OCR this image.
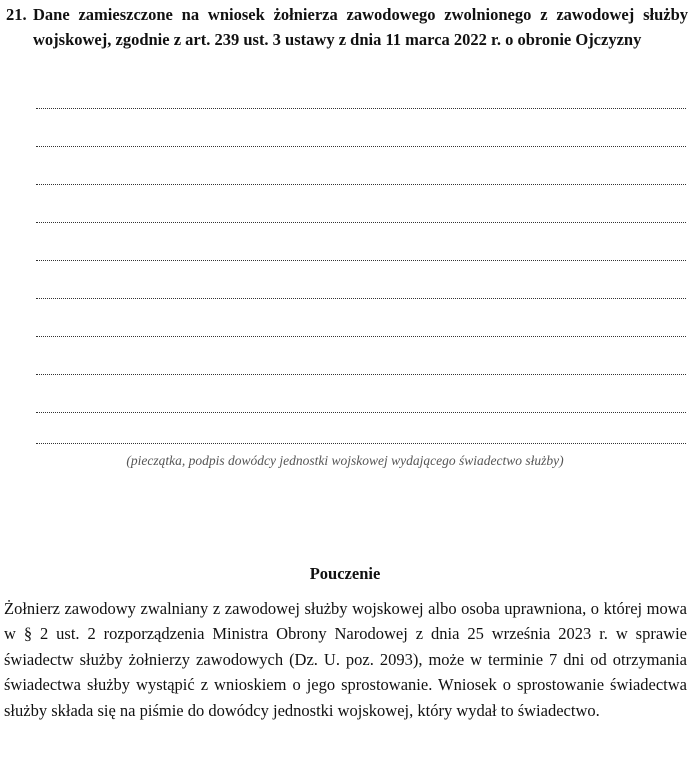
21. Dane zamieszczone na wniosek żołnierza zawodowego zwolnionego z zawodowej służby wojskowej, zgodnie z art. 239 ust. 3 ustawy z dnia 11 marca 2022 r. o obronie Ojczyzny
(pieczątka, podpis dowódcy jednostki wojskowej wydającego świadectwo służby)
Pouczenie
Żołnierz zawodowy zwalniany z zawodowej służby wojskowej albo osoba uprawniona, o której mowa w § 2 ust. 2 rozporządzenia Ministra Obrony Narodowej z dnia 25 września 2023 r. w sprawie świadectw służby żołnierzy zawodowych (Dz. U. poz. 2093), może w terminie 7 dni od otrzymania świadectwa służby wystąpić z wnioskiem o jego sprostowanie. Wniosek o sprostowanie świadectwa służby składa się na piśmie do dowódcy jednostki wojskowej, który wydał to świadectwo.
